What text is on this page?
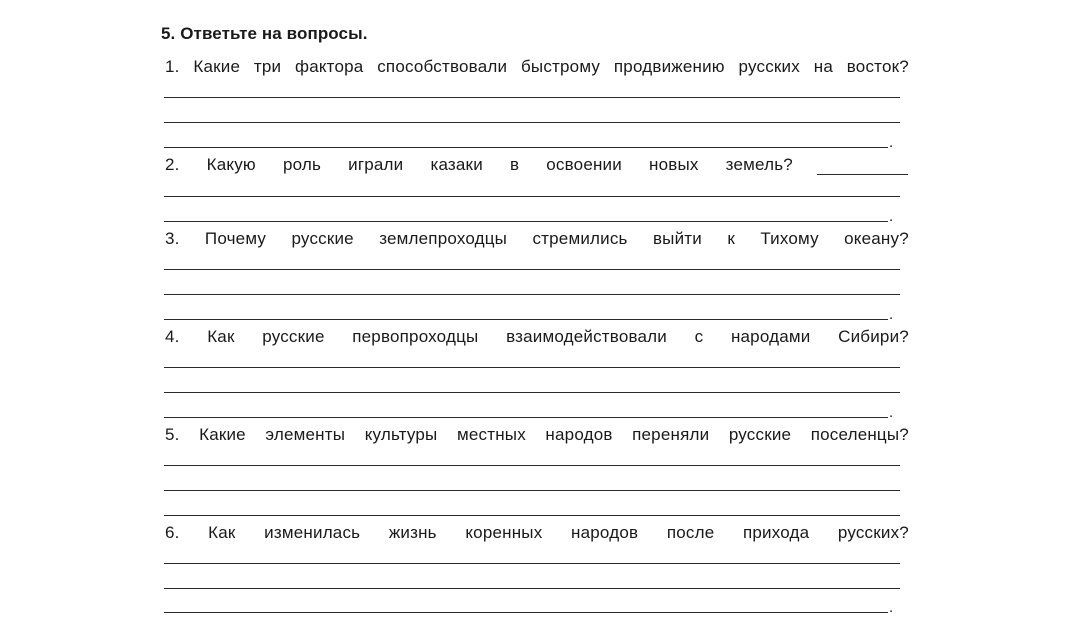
5. Ответьте на вопросы.
1. Какие три фактора способствовали быстрому продвижению русских на восток?
.
2. Какую роль играли казаки в освоении новых земель?
.
3. Почему русские землепроходцы стремились выйти к Тихому океану?
.
4. Как русские первопроходцы взаимодействовали с народами Сибири?
.
5. Какие элементы культуры местных народов переняли русские поселенцы?
6. Как изменилась жизнь коренных народов после прихода русских?
.
